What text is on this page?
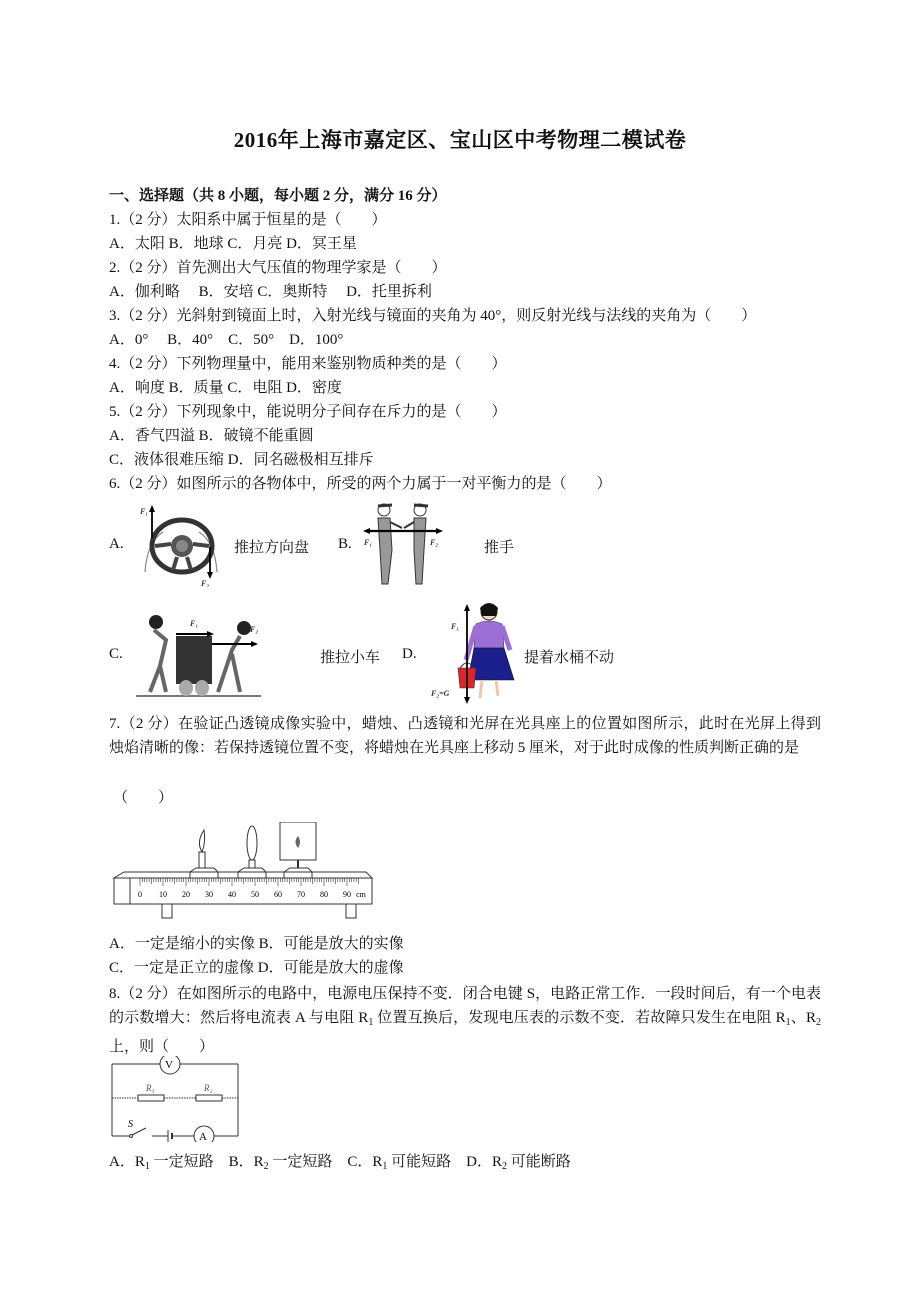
2016年上海市嘉定区、宝山区中考物理二模试卷
一、选择题（共 8 小题，每小题 2 分，满分 16 分）
1.（2 分）太阳系中属于恒星的是（　　）
A．太阳 B．地球 C．月亮 D．冥王星
2.（2 分）首先测出大气压值的物理学家是（　　）
A．伽利略　 B．安培 C．奥斯特　 D．托里拆利
3.（2 分）光斜射到镜面上时，入射光线与镜面的夹角为 40°，则反射光线与法线的夹角为（　　）
A．0°　 B．40°　C．50°　D．100°
4.（2 分）下列物理量中，能用来鉴别物质种类的是（　　）
A．响度 B．质量 C．电阻 D．密度
5.（2 分）下列现象中，能说明分子间存在斥力的是（　　）
A．香气四溢 B．破镜不能重圆
C．液体很难压缩 D．同名磁极相互排斥
6.（2 分）如图所示的各物体中，所受的两个力属于一对平衡力的是（　　）
A.
F₁
F₂
推拉方向盘 B. F₁	F₂	推手
C.
F₁
F₂
推拉小车 D.
F₁
F₂=G
提着水桶不动
7.（2 分）在验证凸透镜成像实验中，蜡烛、凸透镜和光屏在光具座上的位置如图所示，此时在光屏上得到烛焰清晰的像：若保持透镜位置不变，将蜡烛在光具座上移动 5 厘米，对于此时成像的性质判断正确的是
（　　）
0 10 20 30 40 50 60 70 80 90 cm
A．一定是缩小的实像 B．可能是放大的实像
C．一定是正立的虚像 D．可能是放大的虚像
8.（2 分）在如图所示的电路中，电源电压保持不变．闭合电键 S，电路正常工作．一段时间后，有一个电表的示数增大：然后将电流表 A 与电阻 $R_1$ 位置互换后，发现电压表的示数不变．若故障只发生在电阻 $R_1$、$R_2$ 上，则（　　）
V
A
S
R₁	R₂
A．$R_1$ 一定短路　B．$R_2$ 一定短路　C．$R_1$ 可能短路　D．$R_2$ 可能断路
